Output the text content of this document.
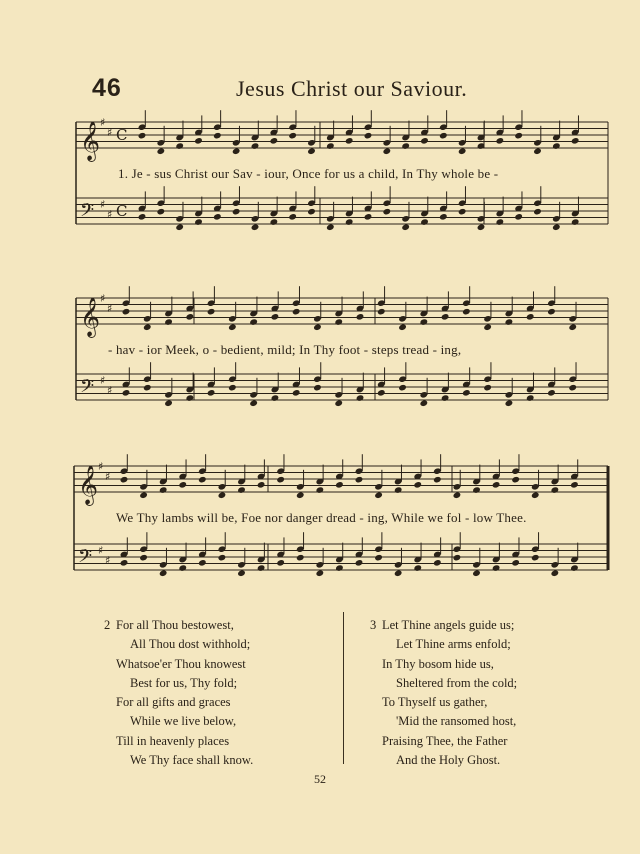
46	Jesus Christ our Saviour.
𝄞 ♯
♯ C
𝄢 ♯
♯ C
𝄞 ♯
♯
𝄢 ♯
♯
𝄞 ♯
♯
𝄢 ♯
♯
1. Je - sus Christ our Sav - iour, Once for us a child, In Thy whole be -
- hav - ior Meek, o - bedient, mild; In Thy foot - steps tread - ing,
We Thy lambs will be, Foe nor danger dread - ing, While we fol - low Thee.
2 For all Thou bestowest,
All Thou dost withhold;
Whatsoe'er Thou knowest
Best for us, Thy fold;
For all gifts and graces
While we live below,
Till in heavenly places
We Thy face shall know.
3 Let Thine angels guide us;
Let Thine arms enfold;
In Thy bosom hide us,
Sheltered from the cold;
To Thyself us gather,
'Mid the ransomed host,
Praising Thee, the Father
And the Holy Ghost.
52
